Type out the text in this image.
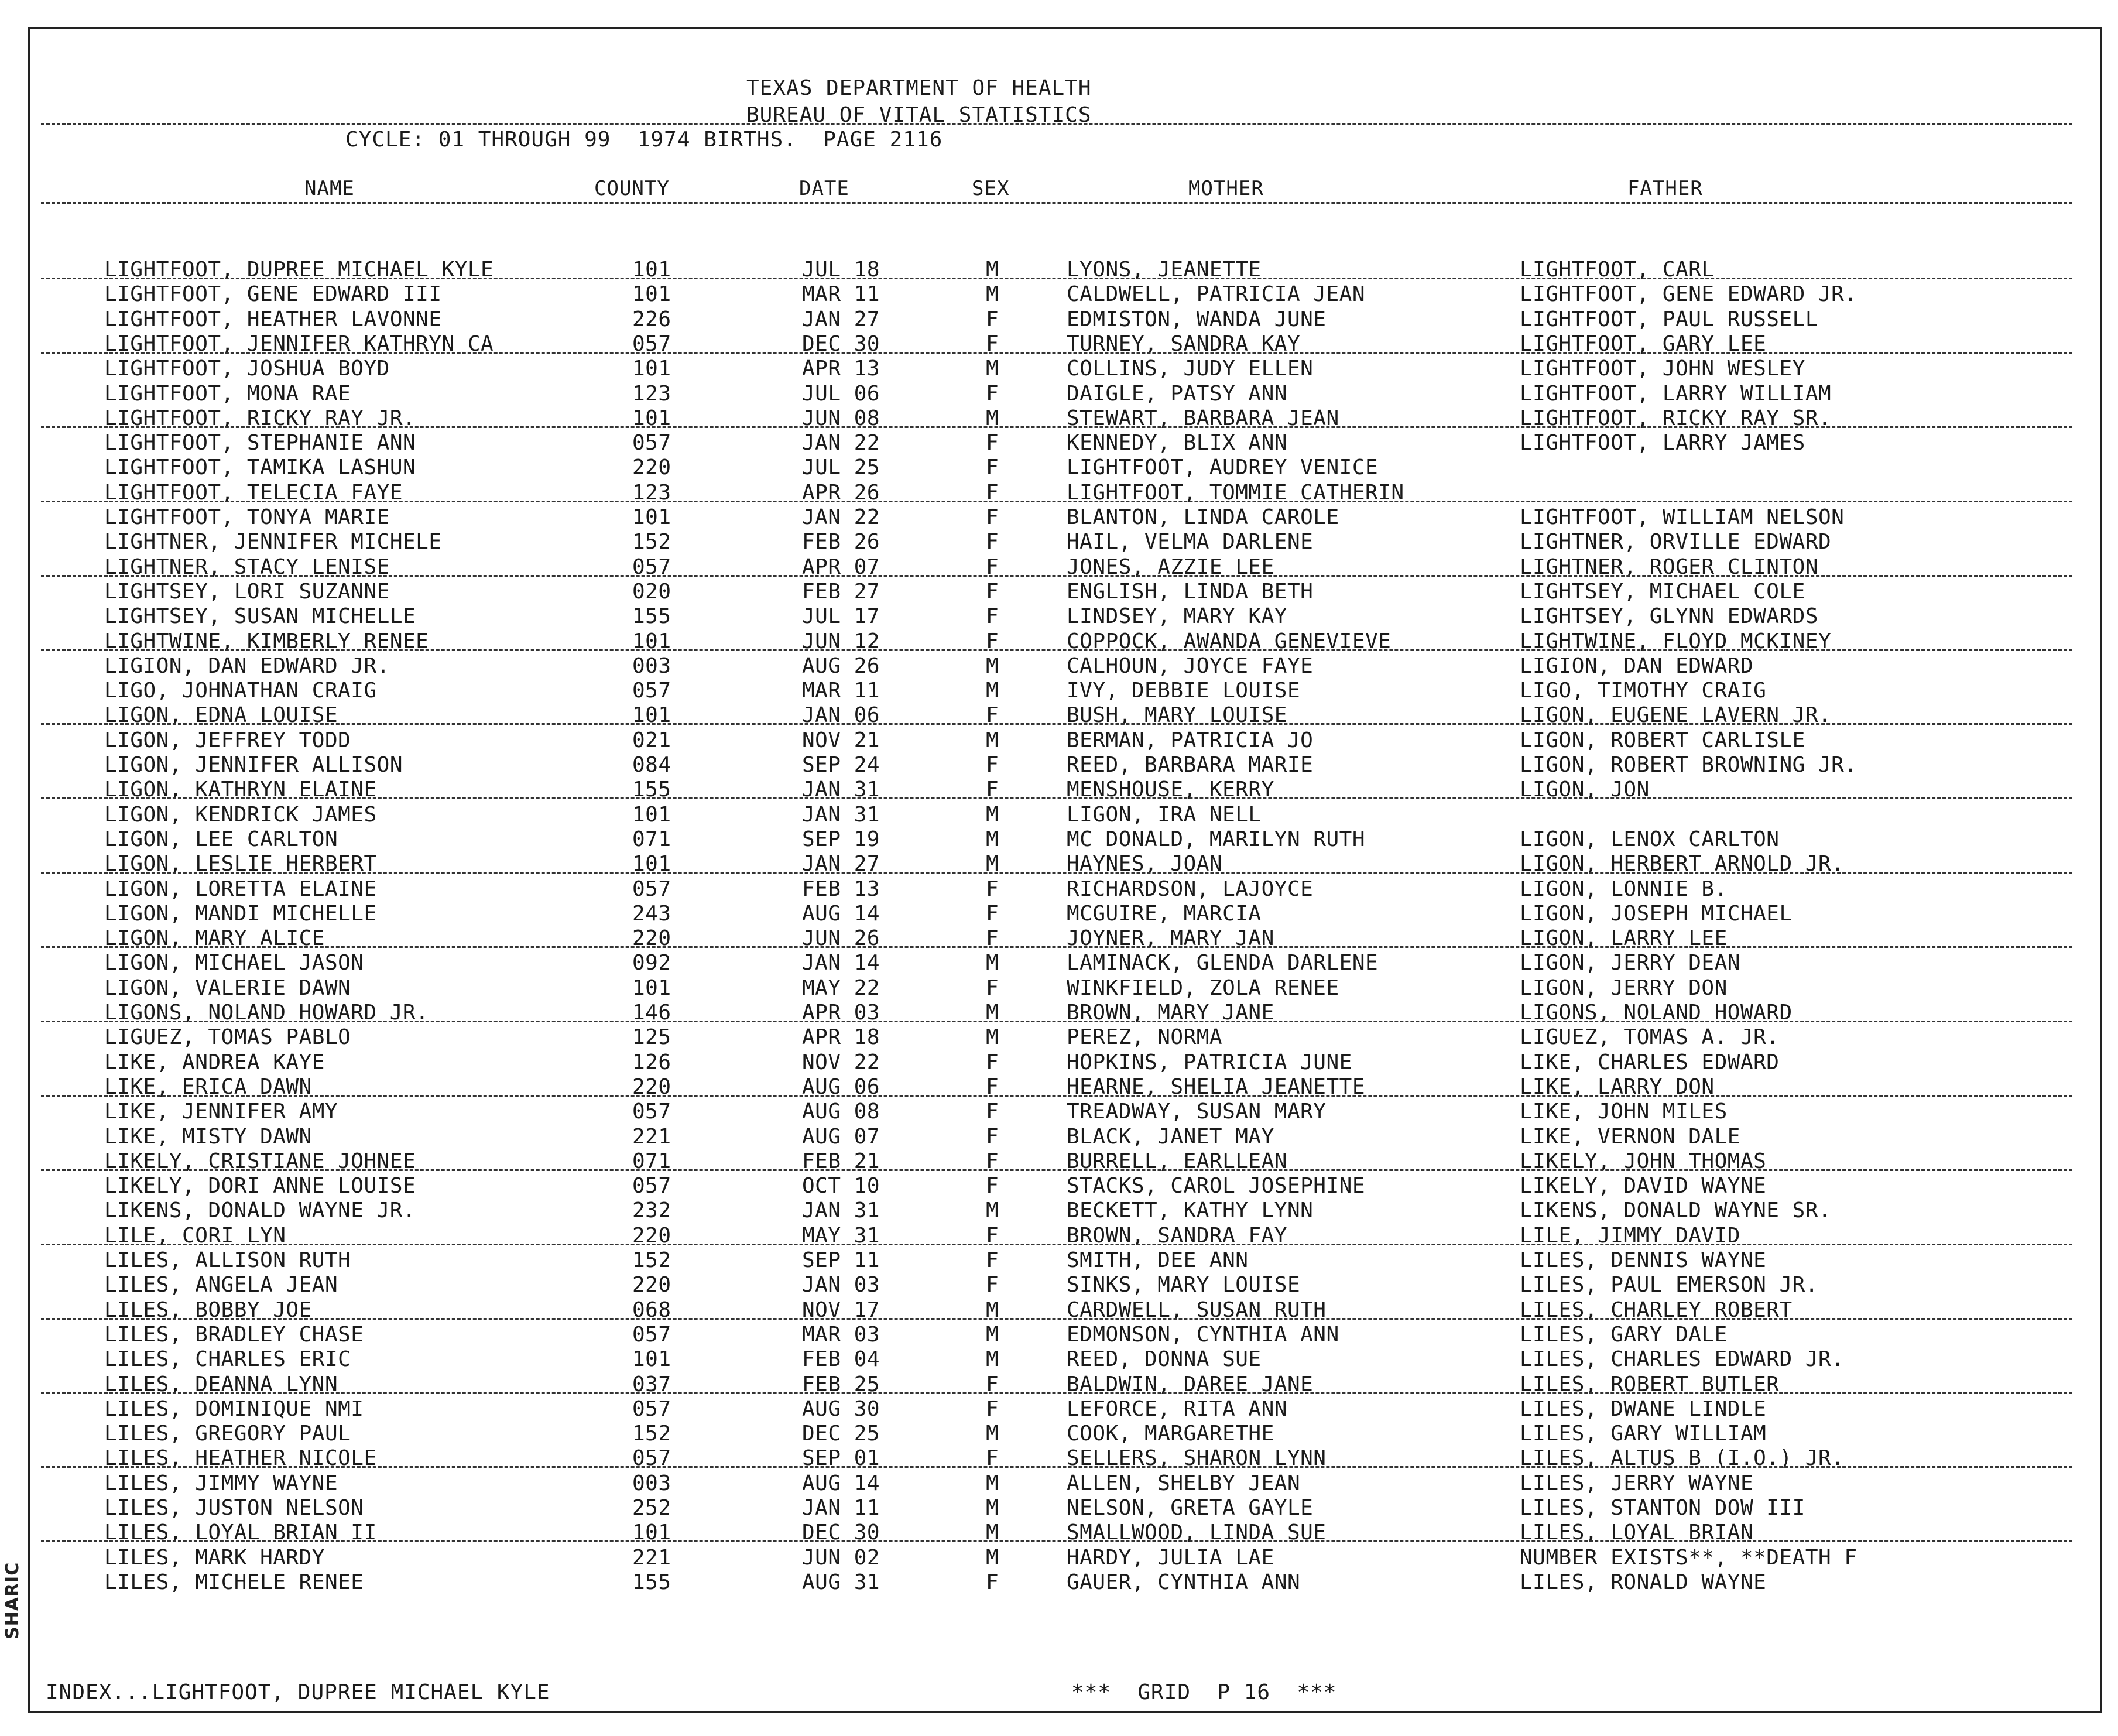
SHARIC
TEXAS DEPARTMENT OF HEALTH
BUREAU OF VITAL STATISTICS
CYCLE: 01 THROUGH 99  1974 BIRTHS.  PAGE 2116
NAME	COUNTY	DATE	SEX	MOTHER	FATHER
LIGHTFOOT, DUPREE MICHAEL KYLE	101	JUL 18	M	LYONS, JEANETTE	LIGHTFOOT, CARL
LIGHTFOOT, GENE EDWARD III	101	MAR 11	M	CALDWELL, PATRICIA JEAN	LIGHTFOOT, GENE EDWARD JR.
LIGHTFOOT, HEATHER LAVONNE	226	JAN 27	F	EDMISTON, WANDA JUNE	LIGHTFOOT, PAUL RUSSELL
LIGHTFOOT, JENNIFER KATHRYN CA	057	DEC 30	F	TURNEY, SANDRA KAY	LIGHTFOOT, GARY LEE
LIGHTFOOT, JOSHUA BOYD	101	APR 13	M	COLLINS, JUDY ELLEN	LIGHTFOOT, JOHN WESLEY
LIGHTFOOT, MONA RAE	123	JUL 06	F	DAIGLE, PATSY ANN	LIGHTFOOT, LARRY WILLIAM
LIGHTFOOT, RICKY RAY JR.	101	JUN 08	M	STEWART, BARBARA JEAN	LIGHTFOOT, RICKY RAY SR.
LIGHTFOOT, STEPHANIE ANN	057	JAN 22	F	KENNEDY, BLIX ANN	LIGHTFOOT, LARRY JAMES
LIGHTFOOT, TAMIKA LASHUN	220	JUL 25	F	LIGHTFOOT, AUDREY VENICE
LIGHTFOOT, TELECIA FAYE	123	APR 26	F	LIGHTFOOT, TOMMIE CATHERIN
LIGHTFOOT, TONYA MARIE	101	JAN 22	F	BLANTON, LINDA CAROLE	LIGHTFOOT, WILLIAM NELSON
LIGHTNER, JENNIFER MICHELE	152	FEB 26	F	HAIL, VELMA DARLENE	LIGHTNER, ORVILLE EDWARD
LIGHTNER, STACY LENISE	057	APR 07	F	JONES, AZZIE LEE	LIGHTNER, ROGER CLINTON
LIGHTSEY, LORI SUZANNE	020	FEB 27	F	ENGLISH, LINDA BETH	LIGHTSEY, MICHAEL COLE
LIGHTSEY, SUSAN MICHELLE	155	JUL 17	F	LINDSEY, MARY KAY	LIGHTSEY, GLYNN EDWARDS
LIGHTWINE, KIMBERLY RENEE	101	JUN 12	F	COPPOCK, AWANDA GENEVIEVE	LIGHTWINE, FLOYD MCKINEY
LIGION, DAN EDWARD JR.	003	AUG 26	M	CALHOUN, JOYCE FAYE	LIGION, DAN EDWARD
LIGO, JOHNATHAN CRAIG	057	MAR 11	M	IVY, DEBBIE LOUISE	LIGO, TIMOTHY CRAIG
LIGON, EDNA LOUISE	101	JAN 06	F	BUSH, MARY LOUISE	LIGON, EUGENE LAVERN JR.
LIGON, JEFFREY TODD	021	NOV 21	M	BERMAN, PATRICIA JO	LIGON, ROBERT CARLISLE
LIGON, JENNIFER ALLISON	084	SEP 24	F	REED, BARBARA MARIE	LIGON, ROBERT BROWNING JR.
LIGON, KATHRYN ELAINE	155	JAN 31	F	MENSHOUSE, KERRY	LIGON, JON
LIGON, KENDRICK JAMES	101	JAN 31	M	LIGON, IRA NELL
LIGON, LEE CARLTON	071	SEP 19	M	MC DONALD, MARILYN RUTH	LIGON, LENOX CARLTON
LIGON, LESLIE HERBERT	101	JAN 27	M	HAYNES, JOAN	LIGON, HERBERT ARNOLD JR.
LIGON, LORETTA ELAINE	057	FEB 13	F	RICHARDSON, LAJOYCE	LIGON, LONNIE B.
LIGON, MANDI MICHELLE	243	AUG 14	F	MCGUIRE, MARCIA	LIGON, JOSEPH MICHAEL
LIGON, MARY ALICE	220	JUN 26	F	JOYNER, MARY JAN	LIGON, LARRY LEE
LIGON, MICHAEL JASON	092	JAN 14	M	LAMINACK, GLENDA DARLENE	LIGON, JERRY DEAN
LIGON, VALERIE DAWN	101	MAY 22	F	WINKFIELD, ZOLA RENEE	LIGON, JERRY DON
LIGONS, NOLAND HOWARD JR.	146	APR 03	M	BROWN, MARY JANE	LIGONS, NOLAND HOWARD
LIGUEZ, TOMAS PABLO	125	APR 18	M	PEREZ, NORMA	LIGUEZ, TOMAS A. JR.
LIKE, ANDREA KAYE	126	NOV 22	F	HOPKINS, PATRICIA JUNE	LIKE, CHARLES EDWARD
LIKE, ERICA DAWN	220	AUG 06	F	HEARNE, SHELIA JEANETTE	LIKE, LARRY DON
LIKE, JENNIFER AMY	057	AUG 08	F	TREADWAY, SUSAN MARY	LIKE, JOHN MILES
LIKE, MISTY DAWN	221	AUG 07	F	BLACK, JANET MAY	LIKE, VERNON DALE
LIKELY, CRISTIANE JOHNEE	071	FEB 21	F	BURRELL, EARLLEAN	LIKELY, JOHN THOMAS
LIKELY, DORI ANNE LOUISE	057	OCT 10	F	STACKS, CAROL JOSEPHINE	LIKELY, DAVID WAYNE
LIKENS, DONALD WAYNE JR.	232	JAN 31	M	BECKETT, KATHY LYNN	LIKENS, DONALD WAYNE SR.
LILE, CORI LYN	220	MAY 31	F	BROWN, SANDRA FAY	LILE, JIMMY DAVID
LILES, ALLISON RUTH	152	SEP 11	F	SMITH, DEE ANN	LILES, DENNIS WAYNE
LILES, ANGELA JEAN	220	JAN 03	F	SINKS, MARY LOUISE	LILES, PAUL EMERSON JR.
LILES, BOBBY JOE	068	NOV 17	M	CARDWELL, SUSAN RUTH	LILES, CHARLEY ROBERT
LILES, BRADLEY CHASE	057	MAR 03	M	EDMONSON, CYNTHIA ANN	LILES, GARY DALE
LILES, CHARLES ERIC	101	FEB 04	M	REED, DONNA SUE	LILES, CHARLES EDWARD JR.
LILES, DEANNA LYNN	037	FEB 25	F	BALDWIN, DAREE JANE	LILES, ROBERT BUTLER
LILES, DOMINIQUE NMI	057	AUG 30	F	LEFORCE, RITA ANN	LILES, DWANE LINDLE
LILES, GREGORY PAUL	152	DEC 25	M	COOK, MARGARETHE	LILES, GARY WILLIAM
LILES, HEATHER NICOLE	057	SEP 01	F	SELLERS, SHARON LYNN	LILES, ALTUS B (I.O.) JR.
LILES, JIMMY WAYNE	003	AUG 14	M	ALLEN, SHELBY JEAN	LILES, JERRY WAYNE
LILES, JUSTON NELSON	252	JAN 11	M	NELSON, GRETA GAYLE	LILES, STANTON DOW III
LILES, LOYAL BRIAN II	101	DEC 30	M	SMALLWOOD, LINDA SUE	LILES, LOYAL BRIAN
LILES, MARK HARDY	221	JUN 02	M	HARDY, JULIA LAE	NUMBER EXISTS**, **DEATH F
LILES, MICHELE RENEE	155	AUG 31	F	GAUER, CYNTHIA ANN	LILES, RONALD WAYNE
INDEX...LIGHTFOOT, DUPREE MICHAEL KYLE	***  GRID  P 16  ***
